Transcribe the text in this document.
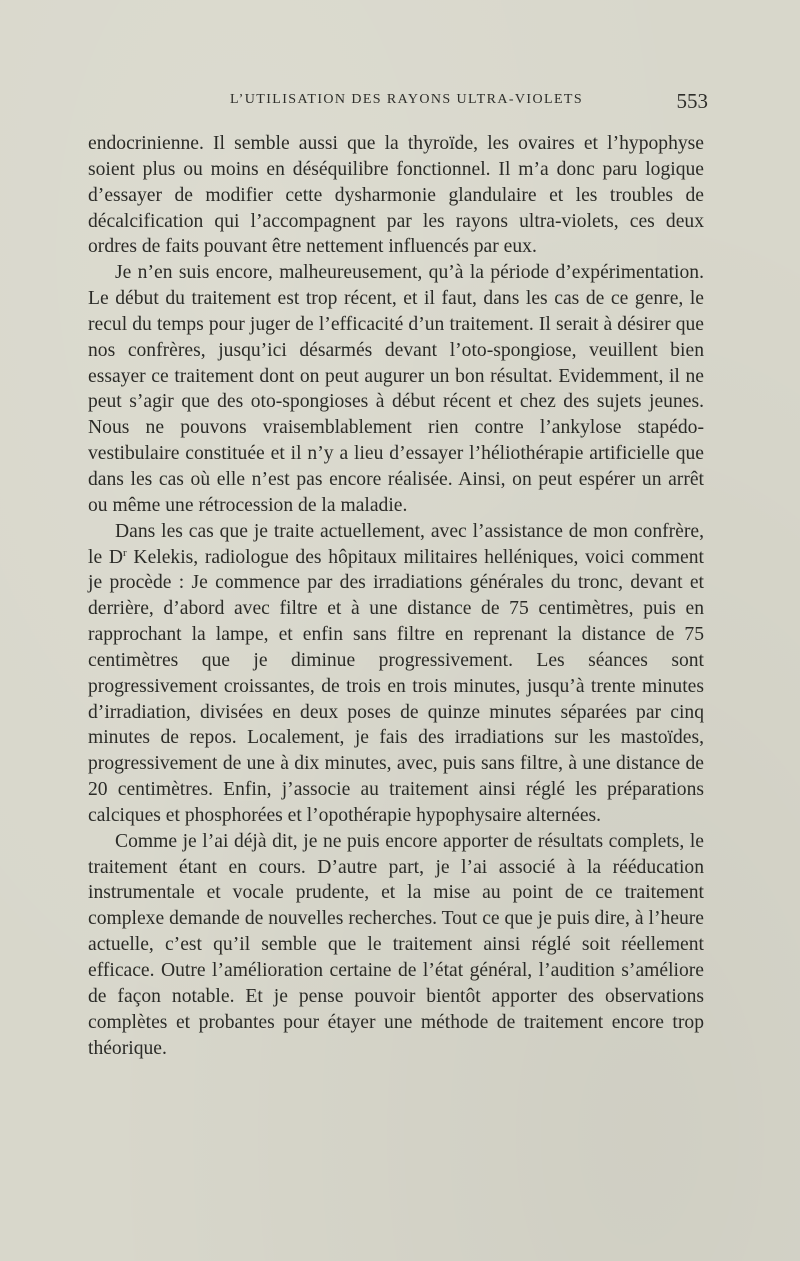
L’UTILISATION DES RAYONS ULTRA-VIOLETS	553

endocrinienne. Il semble aussi que la thyroïde, les ovaires et l’hypophyse soient plus ou moins en déséquilibre fonctionnel. Il m’a donc paru logique d’essayer de modifier cette dysharmonie glandulaire et les troubles de décalcification qui l’accompagnent par les rayons ultra-violets, ces deux ordres de faits pouvant être nettement influencés par eux.

Je n’en suis encore, malheureusement, qu’à la période d’expérimentation. Le début du traitement est trop récent, et il faut, dans les cas de ce genre, le recul du temps pour juger de l’efficacité d’un traitement. Il serait à désirer que nos confrères, jusqu’ici désarmés devant l’oto-spongiose, veuillent bien essayer ce traitement dont on peut augurer un bon résultat. Evidemment, il ne peut s’agir que des oto-spongioses à début récent et chez des sujets jeunes. Nous ne pouvons vraisemblablement rien contre l’ankylose stapédo-vestibulaire constituée et il n’y a lieu d’essayer l’héliothérapie artificielle que dans les cas où elle n’est pas encore réalisée. Ainsi, on peut espérer un arrêt ou même une rétrocession de la maladie.

Dans les cas que je traite actuellement, avec l’assistance de mon confrère, le $D^r$ Kelekis, radiologue des hôpitaux militaires helléniques, voici comment je procède : Je commence par des irradiations générales du tronc, devant et derrière, d’abord avec filtre et à une distance de 75 centimètres, puis en rapprochant la lampe, et enfin sans filtre en reprenant la distance de 75 centimètres que je diminue progressivement. Les séances sont progressivement croissantes, de trois en trois minutes, jusqu’à trente minutes d’irradiation, divisées en deux poses de quinze minutes séparées par cinq minutes de repos. Localement, je fais des irradiations sur les mastoïdes, progressivement de une à dix minutes, avec, puis sans filtre, à une distance de 20 centimètres. Enfin, j’associe au traitement ainsi réglé les préparations calciques et phosphorées et l’opothérapie hypophysaire alternées.

Comme je l’ai déjà dit, je ne puis encore apporter de résultats complets, le traitement étant en cours. D’autre part, je l’ai associé à la rééducation instrumentale et vocale prudente, et la mise au point de ce traitement complexe demande de nouvelles recherches. Tout ce que je puis dire, à l’heure actuelle, c’est qu’il semble que le traitement ainsi réglé soit réellement efficace. Outre l’amélioration certaine de l’état général, l’audition s’améliore de façon notable. Et je pense pouvoir bientôt apporter des observations complètes et probantes pour étayer une méthode de traitement encore trop théorique.
